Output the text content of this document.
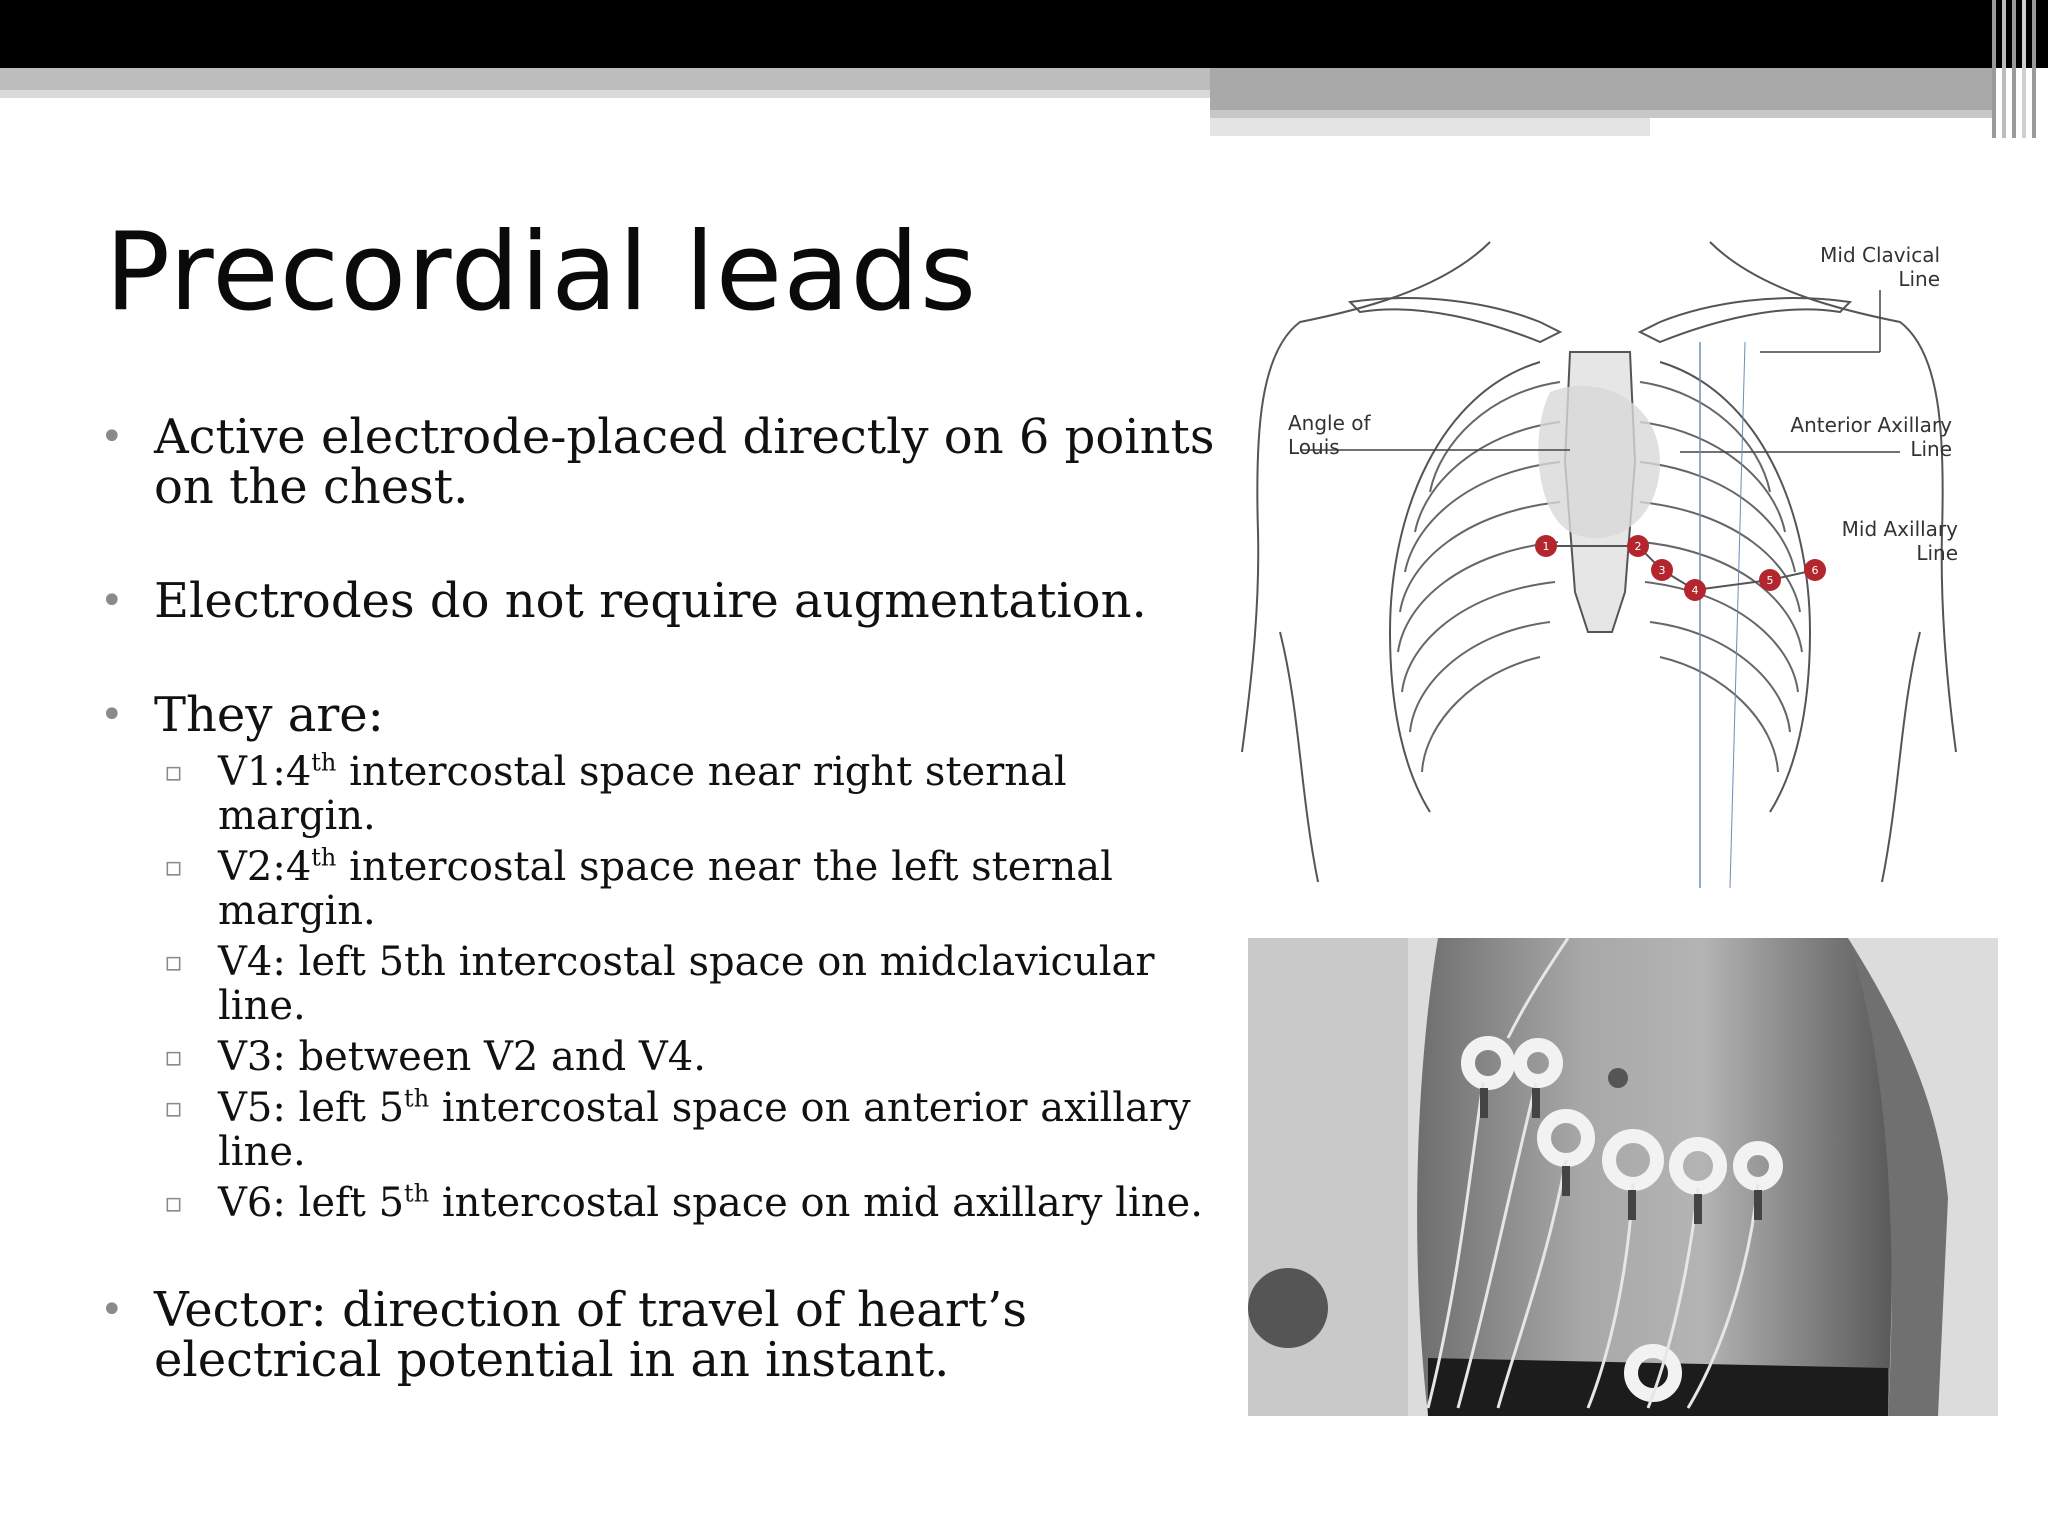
Precordial leads
• Active electrode-placed directly on 6 points on the chest.
• Electrodes do not require augmentation.
• They are:
▫ V1:4th intercostal space near right sternal margin.
▫ V2:4th intercostal space near the left sternal margin.
▫ V4: left 5th intercostal space on midclavicular line.
▫ V3: between V2 and V4.
▫ V5: left 5th intercostal space on anterior axillary line.
▫ V6: left 5th intercostal space on mid axillary line.
• Vector: direction of travel of heart’s electrical potential in an instant.
1	2
3
4
5
6
Mid Clavical
Line
Angle of
Louis
Anterior Axillary
Line
Mid Axillary
Line
